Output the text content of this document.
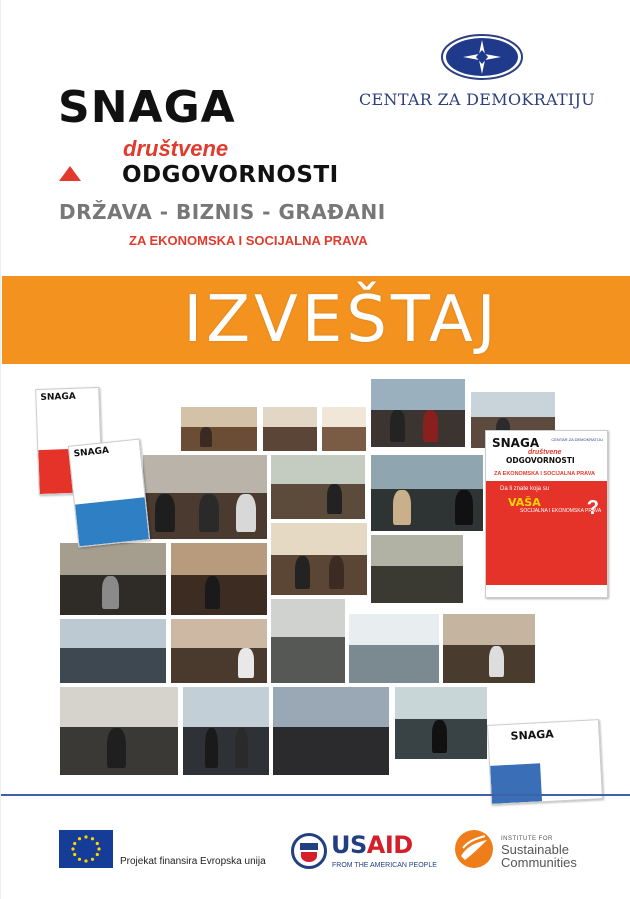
SNAGA
društvene
ODGOVORNOSTI
DRŽAVA - BIZNIS - GRAĐANI
ZA EKONOMSKA I SOCIJALNA PRAVA
CENTAR ZA DEMOKRATIJU
IZVEŠTAJ
SNAGA
SNAGA
SNAGA
društvene
ODGOVORNOSTI
CENTAR ZA DEMOKRATIJU
ZA EKONOMSKA I SOCIJALNA PRAVA
Da li znate koja su
VAŠA
SOCIJALNA I EKONOMSKA PRAVA
?
SNAGA
Projekat finansira Evropska unija
USAID
FROM THE AMERICAN PEOPLE
INSTITUTE FOR
Sustainable
Communities
